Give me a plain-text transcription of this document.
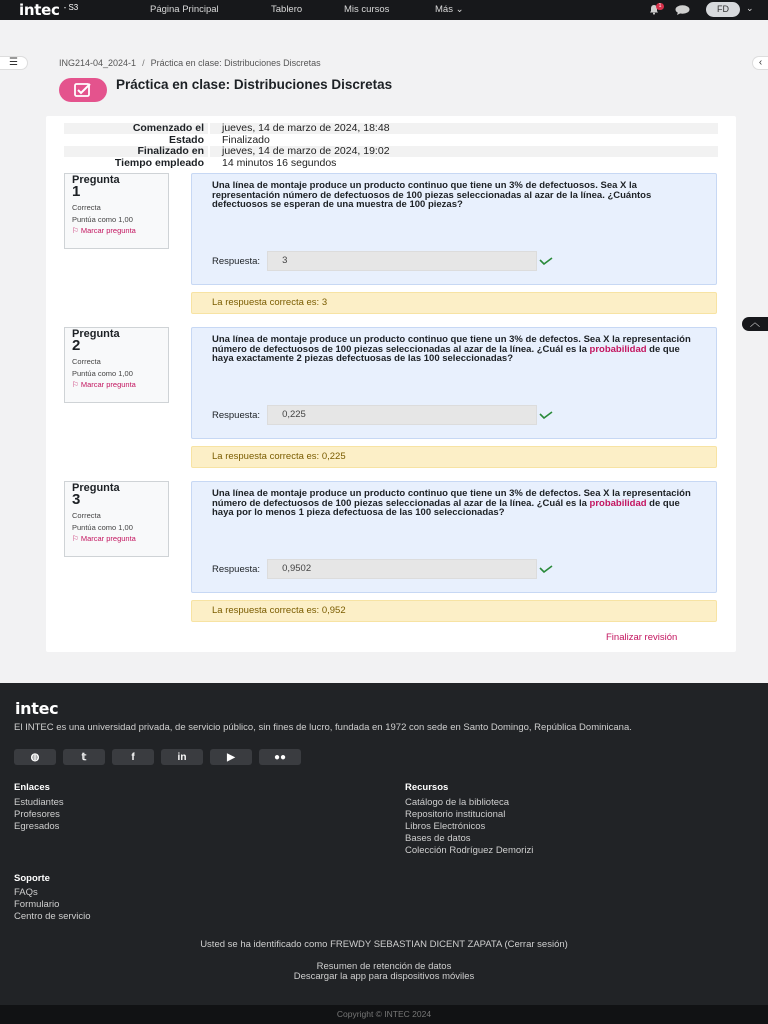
intec - S3	Página Principal	Tablero	Mis cursos	Más ⌄	1	FD	⌄
☰	‹
ING214-04_2024-1 / Práctica en clase: Distribuciones Discretas
Práctica en clase: Distribuciones Discretas
Comenzado el	jueves, 14 de marzo de 2024, 18:48
Estado	Finalizado
Finalizado en	jueves, 14 de marzo de 2024, 19:02
Tiempo empleado	14 minutos 16 segundos
Pregunta
1
Correcta
Puntúa como 1,00
⚐ Marcar pregunta
Una línea de montaje produce un producto continuo que tiene un 3% de defectuosos. Sea X la representación número de defectuosos de 100 piezas seleccionadas al azar de la línea. ¿Cuántos defectuosos se esperan de una muestra de 100 piezas?
Respuesta:	3
La respuesta correcta es: 3
Pregunta
2
Correcta
Puntúa como 1,00
⚐ Marcar pregunta
Una línea de montaje produce un producto continuo que tiene un 3% de defectos. Sea X la representación número de defectuosos de 100 piezas seleccionadas al azar de la línea. ¿Cuál es la probabilidad de que haya exactamente 2 piezas defectuosas de las 100 seleccionadas?
Respuesta:	0,225
La respuesta correcta es: 0,225
Pregunta
3
Correcta
Puntúa como 1,00
⚐ Marcar pregunta
Una línea de montaje produce un producto continuo que tiene un 3% de defectos. Sea X la representación número de defectuosos de 100 piezas seleccionadas al azar de la línea. ¿Cuál es la probabilidad de que haya por lo menos 1 pieza defectuosa de las 100 seleccionadas?
Respuesta:	0,9502
La respuesta correcta es: 0,952
Finalizar revisión
︿
intec
El INTEC es una universidad privada, de servicio público, sin fines de lucro, fundada en 1972 con sede en Santo Domingo, República Dominicana.
◍	𝕥	f	in	▶	●●
Enlaces
Estudiantes
Profesores
Egresados
Recursos
Catálogo de la biblioteca
Repositorio institucional
Libros Electrónicos
Bases de datos
Colección Rodríguez Demorizi
Soporte
FAQs
Formulario
Centro de servicio
Usted se ha identificado como FREWDY SEBASTIAN DICENT ZAPATA (Cerrar sesión)
Resumen de retención de datos
Descargar la app para dispositivos móviles
Copyright © INTEC 2024
